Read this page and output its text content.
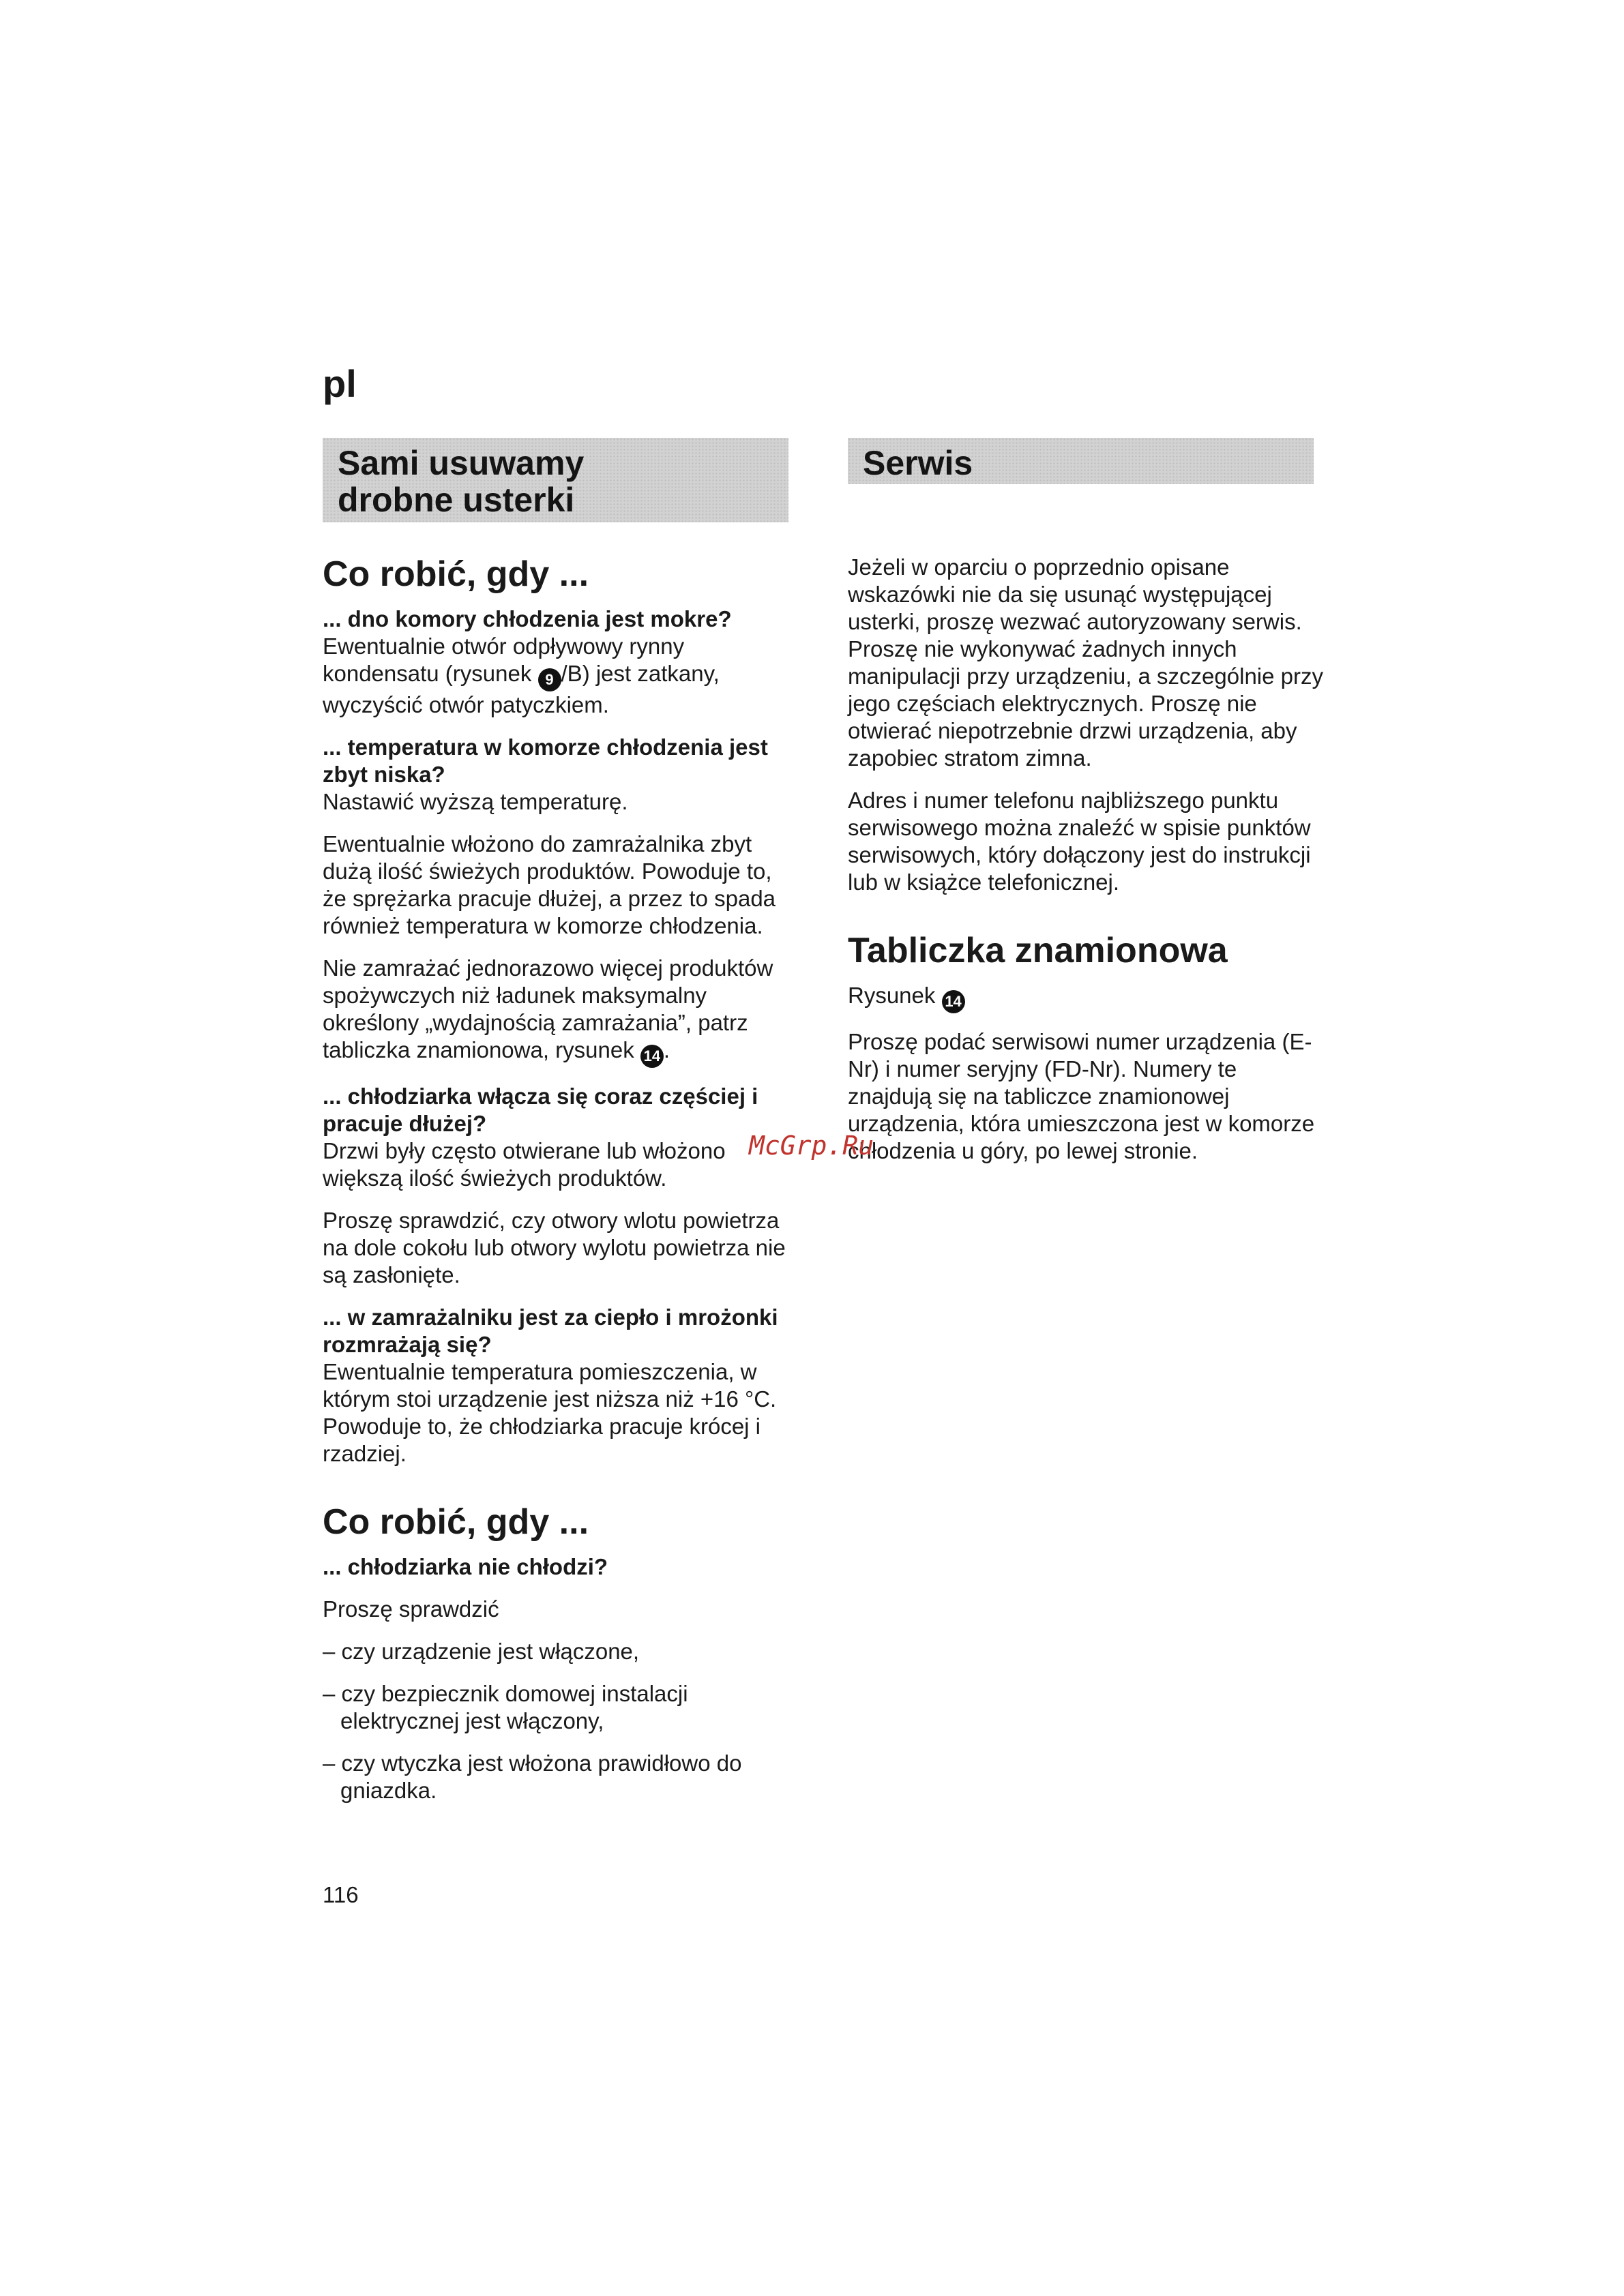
pl
Sami usuwamy
drobne usterki
Serwis
Co robić, gdy ...
... dno komory chłodzenia jest mokre?

Ewentualnie otwór odpływowy rynny kondensatu (rysunek 9 /B) jest zatkany, wyczyścić otwór patyczkiem.

... temperatura w komorze chłodzenia jest zbyt niska?

Nastawić wyższą temperaturę.

Ewentualnie włożono do zamrażalnika zbyt dużą ilość świeżych produktów. Powoduje to, że sprężarka pracuje dłużej, a przez to spada również temperatura w komorze chłodzenia.

Nie zamrażać jednorazowo więcej produktów spożywczych niż ładunek maksymalny określony „wydajnością zamrażania”, patrz tabliczka znamionowa, rysunek 14 .

... chłodziarka włącza się coraz częściej i pracuje dłużej?

Drzwi były często otwierane lub włożono większą ilość świeżych produktów.

Proszę sprawdzić, czy otwory wlotu powietrza na dole cokołu lub otwory wylotu powietrza nie są zasłonięte.

... w zamrażalniku jest za ciepło i mrożonki rozmrażają się?

Ewentualnie temperatura pomieszczenia, w którym stoi urządzenie jest niższa niż +16 °C. Powoduje to, że chłodziarka pracuje krócej i rzadziej.

Co robić, gdy ...

... chłodziarka nie chłodzi?

Proszę sprawdzić

– czy urządzenie jest włączone,
– czy bezpiecznik domowej instalacji elektrycznej jest włączony,
– czy wtyczka jest włożona prawidłowo do gniazdka.

Jeżeli w oparciu o poprzednio opisane wskazówki nie da się usunąć występującej usterki, proszę wezwać autoryzowany serwis. Proszę nie wykonywać żadnych innych manipulacji przy urządzeniu, a szczególnie przy jego częściach elektrycznych. Proszę nie otwierać niepotrzebnie drzwi urządzenia, aby zapobiec stratom zimna.

Adres i numer telefonu najbliższego punktu serwisowego można znaleźć w spisie punktów serwisowych, który dołączony jest do instrukcji lub w książce telefonicznej.

Tabliczka znamionowa

Rysunek 14

Proszę podać serwisowi numer urządzenia (E-Nr) i numer seryjny (FD-Nr). Numery te znajdują się na tabliczce znamionowej urządzenia, która umieszczona jest w komorze chłodzenia u góry, po lewej stronie.

McGrp.Ru
116
